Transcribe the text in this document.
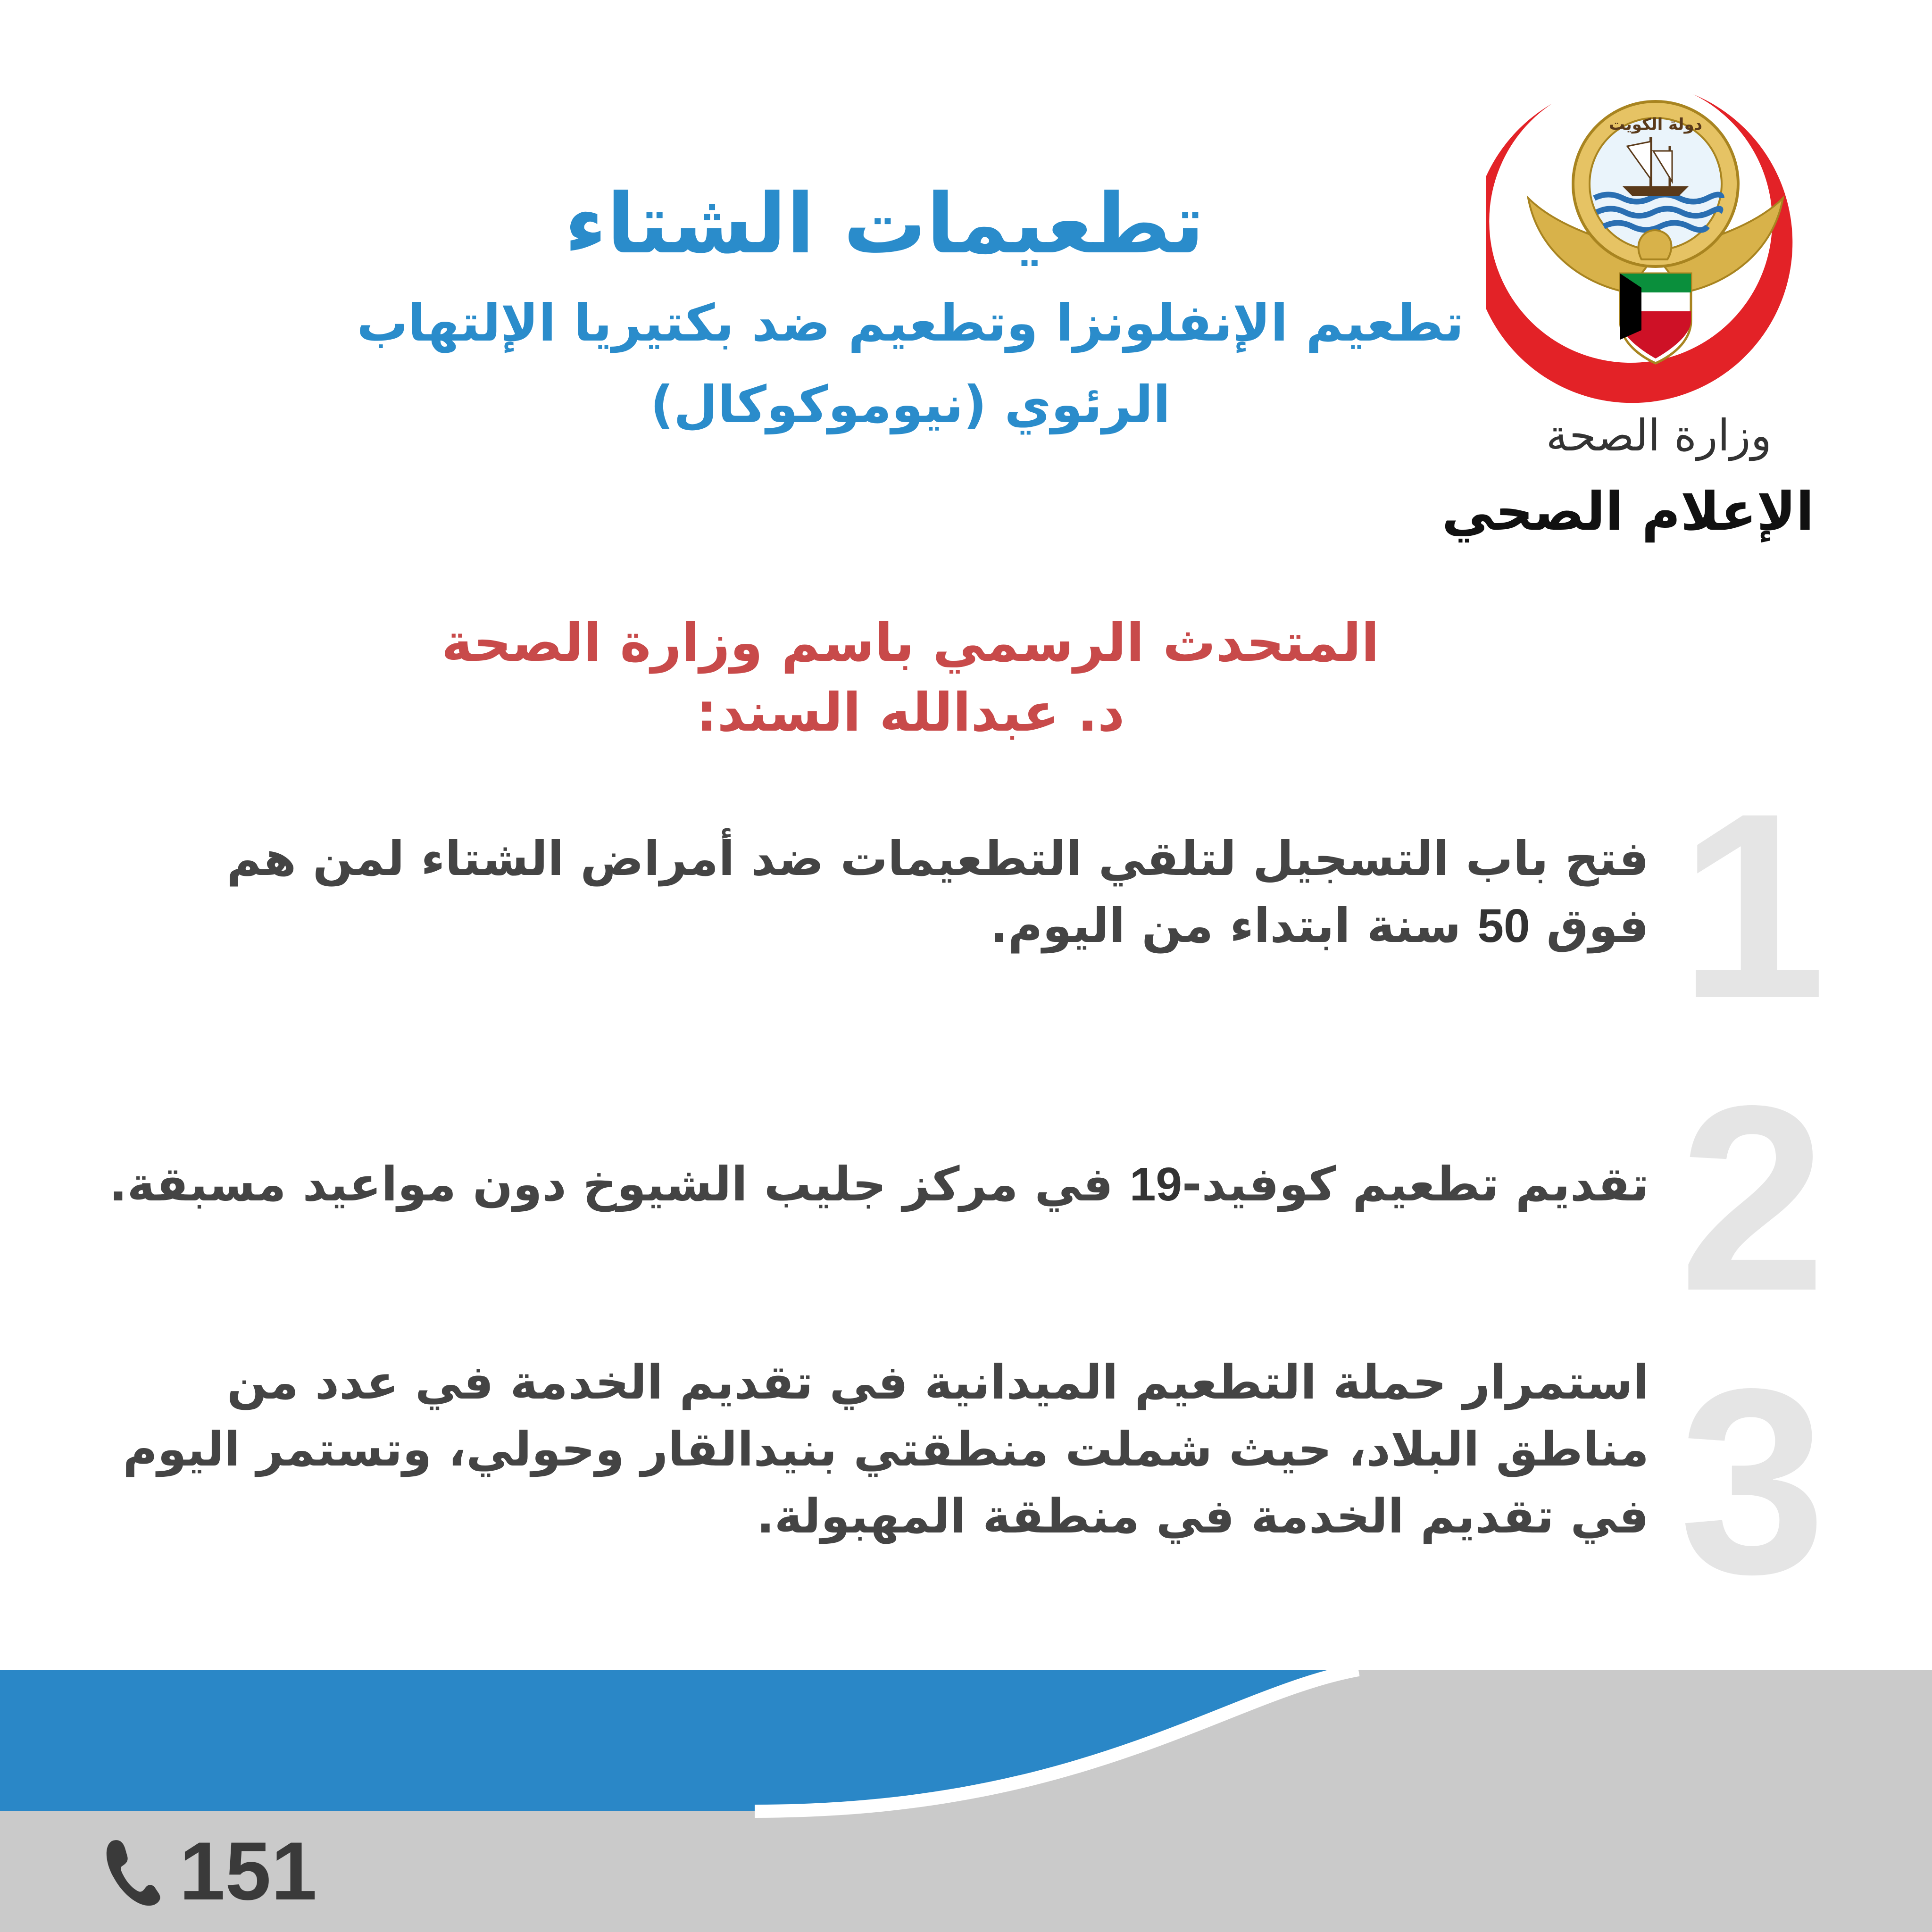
دولة الكويت
وزارة الصحة
الإعلام الصحي
تطعيمات الشتاء
تطعيم الإنفلونزا وتطعيم ضد بكتيريا الإلتهاب الرئوي (نيوموكوكال)
المتحدث الرسمي باسم وزارة الصحة
د. عبدالله السند:
1
2
3
فتح باب التسجيل لتلقي التطعيمات ضد أمراض الشتاء لمن هم فوق 50 سنة ابتداء من اليوم.
تقديم تطعيم كوفيد-19 في مركز جليب الشيوخ دون مواعيد مسبقة.
استمرار حملة التطعيم الميدانية في تقديم الخدمة في عدد من مناطق البلاد، حيث شملت منطقتي بنيدالقار وحولي، وتستمر اليوم في تقديم الخدمة في منطقة المهبولة.
151
